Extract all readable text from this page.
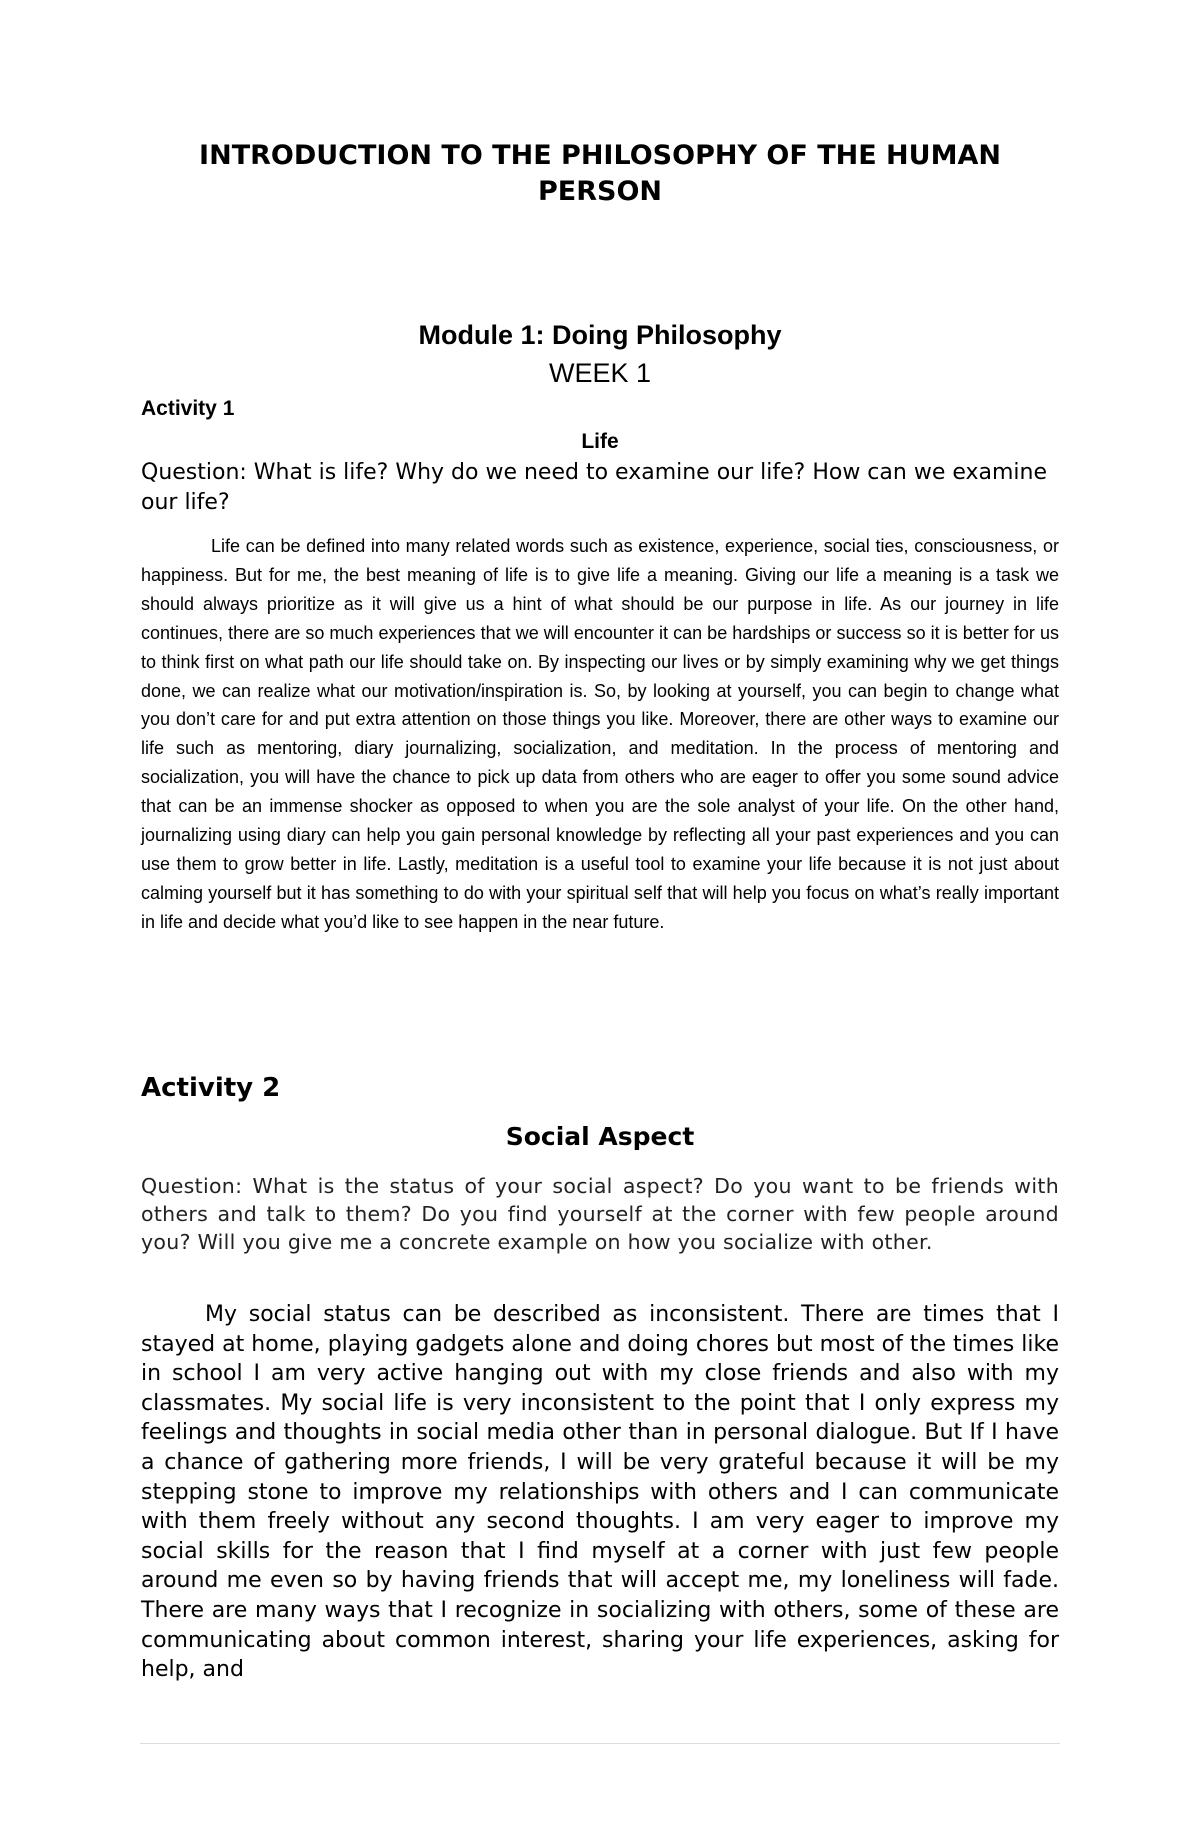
INTRODUCTION TO THE PHILOSOPHY OF THE HUMAN PERSON
Module 1: Doing Philosophy
WEEK 1
Activity 1
Life

Question: What is life? Why do we need to examine our life? How can we examine our life?

Life can be defined into many related words such as existence, experience, social ties, consciousness, or happiness. But for me, the best meaning of life is to give life a meaning. Giving our life a meaning is a task we should always prioritize as it will give us a hint of what should be our purpose in life. As our journey in life continues, there are so much experiences that we will encounter it can be hardships or success so it is better for us to think first on what path our life should take on. By inspecting our lives or by simply examining why we get things done, we can realize what our motivation/inspiration is. So, by looking at yourself, you can begin to change what you don’t care for and put extra attention on those things you like. Moreover, there are other ways to examine our life such as mentoring, diary journalizing, socialization, and meditation. In the process of mentoring and socialization, you will have the chance to pick up data from others who are eager to offer you some sound advice that can be an immense shocker as opposed to when you are the sole analyst of your life. On the other hand, journalizing using diary can help you gain personal knowledge by reflecting all your past experiences and you can use them to grow better in life. Lastly, meditation is a useful tool to examine your life because it is not just about calming yourself but it has something to do with your spiritual self that will help you focus on what’s really important in life and decide what you’d like to see happen in the near future.

Activity 2
Social Aspect

Question: What is the status of your social aspect? Do you want to be friends with others and talk to them? Do you find yourself at the corner with few people around you? Will you give me a concrete example on how you socialize with other.

My social status can be described as inconsistent. There are times that I stayed at home, playing gadgets alone and doing chores but most of the times like in school I am very active hanging out with my close friends and also with my classmates. My social life is very inconsistent to the point that I only express my feelings and thoughts in social media other than in personal dialogue. But If I have a chance of gathering more friends, I will be very grateful because it will be my stepping stone to improve my relationships with others and I can communicate with them freely without any second thoughts. I am very eager to improve my social skills for the reason that I find myself at a corner with just few people around me even so by having friends that will accept me, my loneliness will fade. There are many ways that I recognize in socializing with others, some of these are communicating about common interest, sharing your life experiences, asking for help, and
